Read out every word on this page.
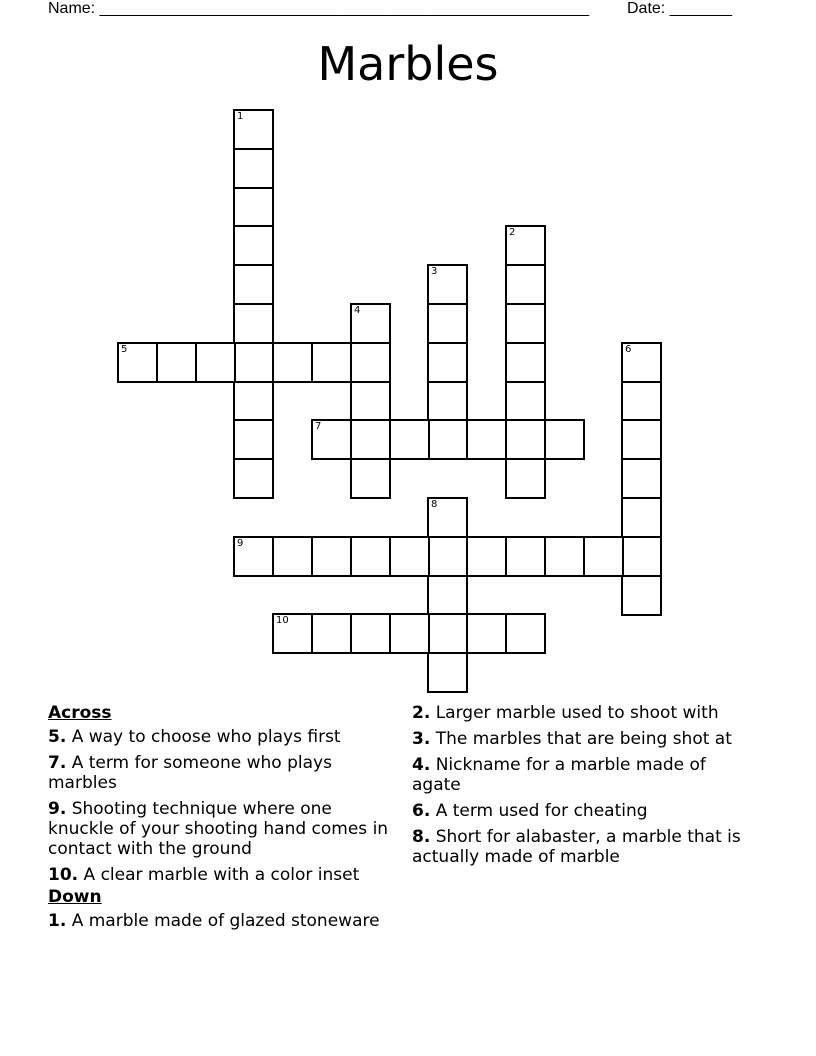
Name: _______________________________________________________ Date: _______
Marbles
1
2
3
4
5	6
7
8
9
10
Across
5. A way to choose who plays first
7. A term for someone who plays marbles
9. Shooting technique where one knuckle of your shooting hand comes in contact with the ground
10. A clear marble with a color inset
Down
1. A marble made of glazed stoneware
2. Larger marble used to shoot with
3. The marbles that are being shot at
4. Nickname for a marble made of agate
6. A term used for cheating
8. Short for alabaster, a marble that is actually made of marble
